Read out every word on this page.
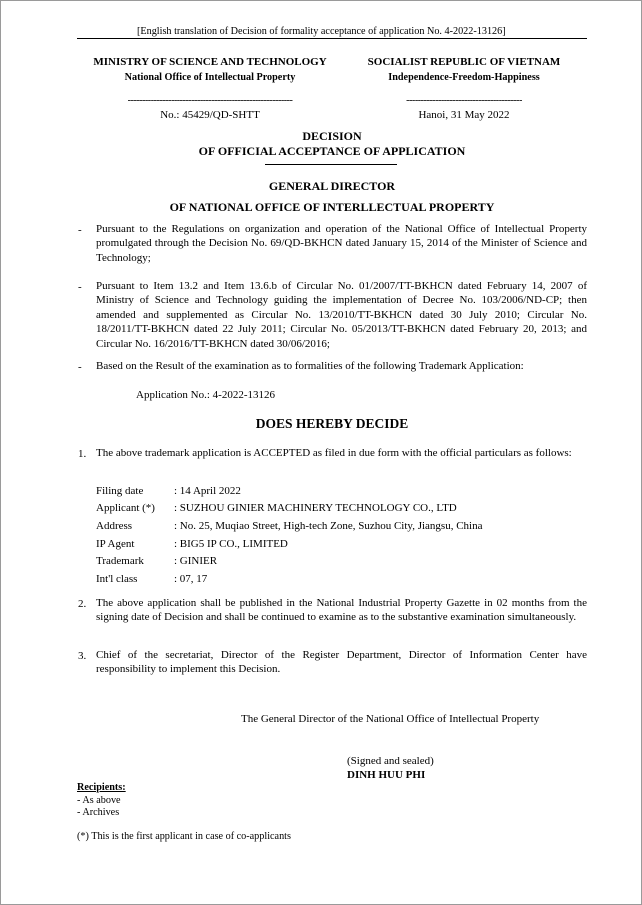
[English translation of Decision of formality acceptance of application No. 4-2022-13126]
MINISTRY OF SCIENCE AND TECHNOLOGY
National Office of Intellectual Property
---------------------------------------------------------
No.: 45429/QD-SHTT
SOCIALIST REPUBLIC OF VIETNAM
Independence-Freedom-Happiness
----------------------------------------
Hanoi, 31 May 2022
DECISION
OF OFFICIAL ACCEPTANCE OF APPLICATION
GENERAL DIRECTOR
OF NATIONAL OFFICE OF INTERLLECTUAL PROPERTY
- Pursuant to the Regulations on organization and operation of the National Office of Intellectual Property promulgated through the Decision No. 69/QD-BKHCN dated January 15, 2014 of the Minister of Science and Technology;
- Pursuant to Item 13.2 and Item 13.6.b of Circular No. 01/2007/TT-BKHCN dated February 14, 2007 of Ministry of Science and Technology guiding the implementation of Decree No. 103/2006/ND-CP; then amended and supplemented as Circular No. 13/2010/TT-BKHCN dated 30 July 2010; Circular No. 18/2011/TT-BKHCN dated 22 July 2011; Circular No. 05/2013/TT-BKHCN dated February 20, 2013; and Circular No. 16/2016/TT-BKHCN dated 30/06/2016;
- Based on the Result of the examination as to formalities of the following Trademark Application:
Application No.: 4-2022-13126
DOES HEREBY DECIDE
1. The above trademark application is ACCEPTED as filed in due form with the official particulars as follows:
Filing date	: 14 April 2022
Applicant (*) : SUZHOU GINIER MACHINERY TECHNOLOGY CO., LTD
Address	: No. 25, Muqiao Street, High-tech Zone, Suzhou City, Jiangsu, China
IP Agent	: BIG5 IP CO., LIMITED
Trademark	: GINIER
Int'l class	: 07, 17
2. The above application shall be published in the National Industrial Property Gazette in 02 months from the signing date of Decision and shall be continued to examine as to the substantive examination simultaneously.
3. Chief of the secretariat, Director of the Register Department, Director of Information Center have responsibility to implement this Decision.
The General Director of the National Office of Intellectual Property
(Signed and sealed)
DINH HUU PHI
Recipients:
- As above
- Archives
(*) This is the first applicant in case of co-applicants
